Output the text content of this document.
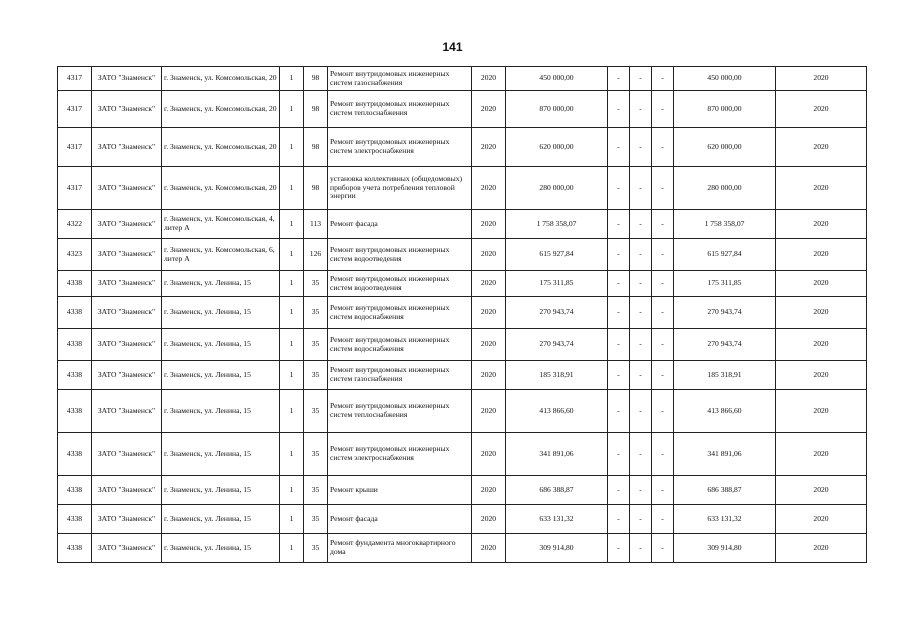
141
4317	ЗАТО "Знаменск"	г. Знаменск, ул. Комсомольская, 20	1	98	Ремонт внутридомовых инженерных систем газоснабжения	2020	450 000,00	-	-	-	450 000,00	2020
4317	ЗАТО "Знаменск"	г. Знаменск, ул. Комсомольская, 20	1	98	Ремонт внутридомовых инженерных систем теплоснабжения	2020	870 000,00	-	-	-	870 000,00	2020
4317	ЗАТО "Знаменск"	г. Знаменск, ул. Комсомольская, 20	1	98	Ремонт внутридомовых инженерных систем электроснабжения	2020	620 000,00	-	-	-	620 000,00	2020
4317	ЗАТО "Знаменск"	г. Знаменск, ул. Комсомольская, 20	1	98	установка коллективных (общедомовых) приборов учета потребления тепловой энергии	2020	280 000,00	-	-	-	280 000,00	2020
4322	ЗАТО "Знаменск"	г. Знаменск, ул. Комсомольская, 4, литер А	1	113	Ремонт фасада	2020	1 758 358,07	-	-	-	1 758 358,07	2020
4323	ЗАТО "Знаменск"	г. Знаменск, ул. Комсомольская, 6, литер А	1	126	Ремонт внутридомовых инженерных систем водоотведения	2020	615 927,84	-	-	-	615 927,84	2020
4338	ЗАТО "Знаменск"	г. Знаменск, ул. Ленина, 15	1	35	Ремонт внутридомовых инженерных систем водоотведения	2020	175 311,85	-	-	-	175 311,85	2020
4338	ЗАТО "Знаменск"	г. Знаменск, ул. Ленина, 15	1	35	Ремонт внутридомовых инженерных систем водоснабжения	2020	270 943,74	-	-	-	270 943,74	2020
4338	ЗАТО "Знаменск"	г. Знаменск, ул. Ленина, 15	1	35	Ремонт внутридомовых инженерных систем водоснабжения	2020	270 943,74	-	-	-	270 943,74	2020
4338	ЗАТО "Знаменск"	г. Знаменск, ул. Ленина, 15	1	35	Ремонт внутридомовых инженерных систем газоснабжения	2020	185 318,91	-	-	-	185 318,91	2020
4338	ЗАТО "Знаменск"	г. Знаменск, ул. Ленина, 15	1	35	Ремонт внутридомовых инженерных систем теплоснабжения	2020	413 866,60	-	-	-	413 866,60	2020
4338	ЗАТО "Знаменск"	г. Знаменск, ул. Ленина, 15	1	35	Ремонт внутридомовых инженерных систем электроснабжения	2020	341 891,06	-	-	-	341 891,06	2020
4338	ЗАТО "Знаменск"	г. Знаменск, ул. Ленина, 15	1	35	Ремонт крыши	2020	686 388,87	-	-	-	686 388,87	2020
4338	ЗАТО "Знаменск"	г. Знаменск, ул. Ленина, 15	1	35	Ремонт фасада	2020	633 131,32	-	-	-	633 131,32	2020
4338	ЗАТО "Знаменск"	г. Знаменск, ул. Ленина, 15	1	35	Ремонт фундамента многоквартирного дома	2020	309 914,80	-	-	-	309 914,80	2020
